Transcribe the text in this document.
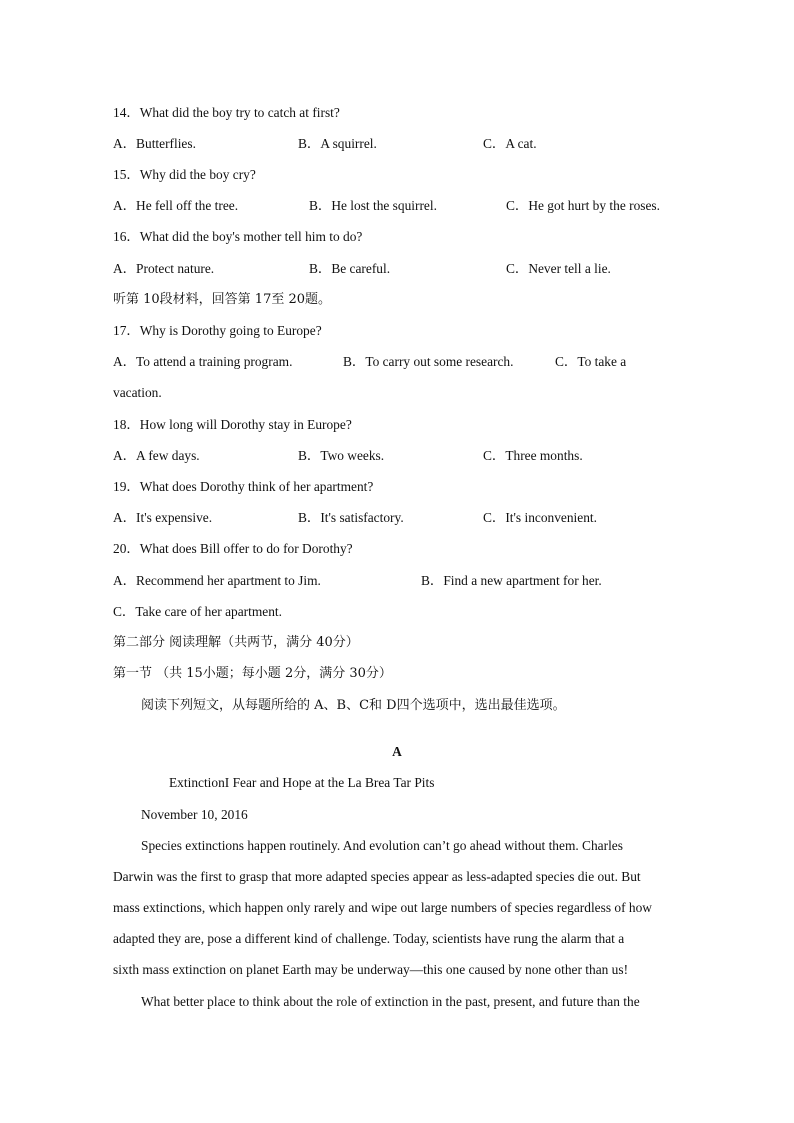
14．What did the boy try to catch at first?
A．Butterflies.	B．A squirrel.	C．A cat.
15．Why did the boy cry?
A．He fell off the tree.	B．He lost the squirrel.	C．He got hurt by the roses.
16．What did the boy's mother tell him to do?
A．Protect nature.	B．Be careful.	C．Never tell a lie.
听第 10段材料，回答第 17至 20题。
17．Why is Dorothy going to Europe?
A．To attend a training program.	B．To carry out some research.	C．To take a
vacation.
18．How long will Dorothy stay in Europe?
A．A few days.	B．Two weeks.	C．Three months.
19．What does Dorothy think of her apartment?
A．It's expensive.	B．It's satisfactory.	C．It's inconvenient.
20．What does Bill offer to do for Dorothy?
A．Recommend her apartment to Jim.	B．Find a new apartment for her.
C．Take care of her apartment.
第二部分 阅读理解（共两节，满分 40分）
第一节 （共 15小题；每小题 2分，满分 30分）
阅读下列短文，从每题所给的 A、B、C和 D四个选项中，选出最佳选项。
A
ExtinctionI Fear and Hope at the La Brea Tar Pits
November 10, 2016
Species extinctions happen routinely. And evolution can’t go ahead without them. Charles
Darwin was the first to grasp that more adapted species appear as less-adapted species die out. But
mass extinctions, which happen only rarely and wipe out large numbers of species regardless of how
adapted they are, pose a different kind of challenge. Today, scientists have rung the alarm that a
sixth mass extinction on planet Earth may be underway—this one caused by none other than us!
What better place to think about the role of extinction in the past, present, and future than the
